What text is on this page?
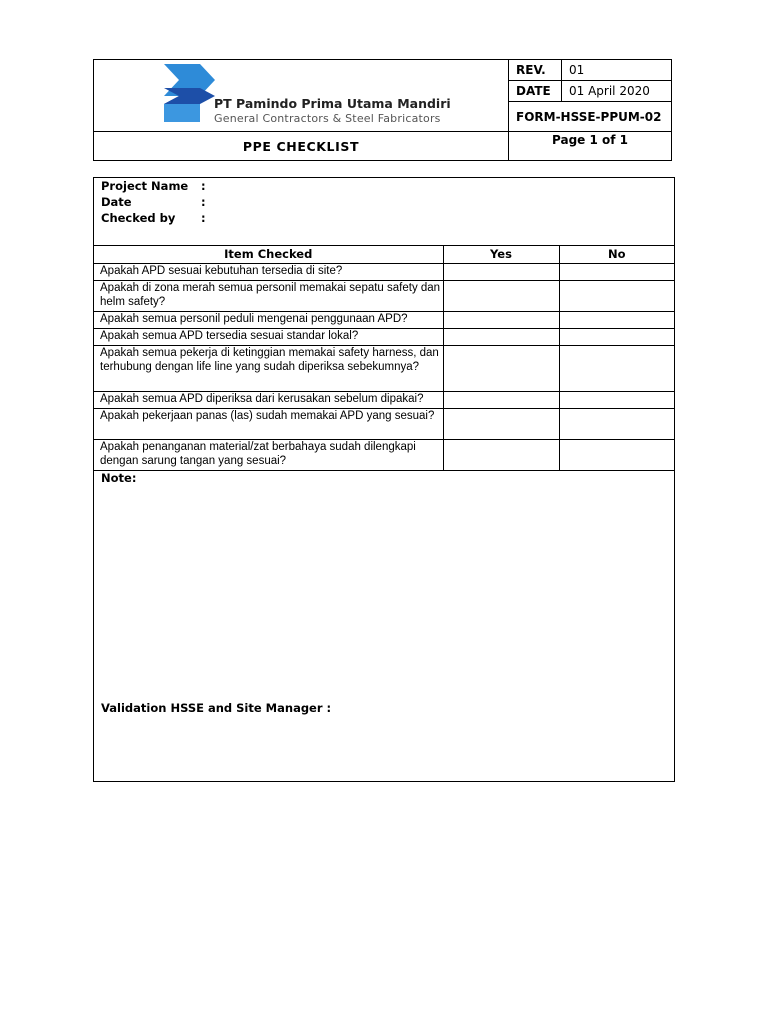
PT Pamindo Prima Utama Mandiri
General Contractors & Steel Fabricators
REV.	01
DATE	01 April 2020
FORM-HSSE-PPUM-02
PPE CHECKLIST	Page 1 of 1
Project Name :
Date	:
Checked by :
Item Checked	Yes	No
Apakah APD sesuai kebutuhan tersedia di site?		
Apakah di zona merah semua personil memakai sepatu safety dan helm safety?		
Apakah semua personil peduli mengenai penggunaan APD?		
Apakah semua APD tersedia sesuai standar lokal?		
Apakah semua pekerja di ketinggian memakai safety harness, dan terhubung dengan life line yang sudah diperiksa sebekumnya?		
Apakah semua APD diperiksa dari kerusakan sebelum dipakai?		
Apakah pekerjaan panas (las) sudah memakai APD yang sesuai?		
Apakah penanganan material/zat berbahaya sudah dilengkapi dengan sarung tangan yang sesuai?		
Note:
Validation HSSE and Site Manager :
